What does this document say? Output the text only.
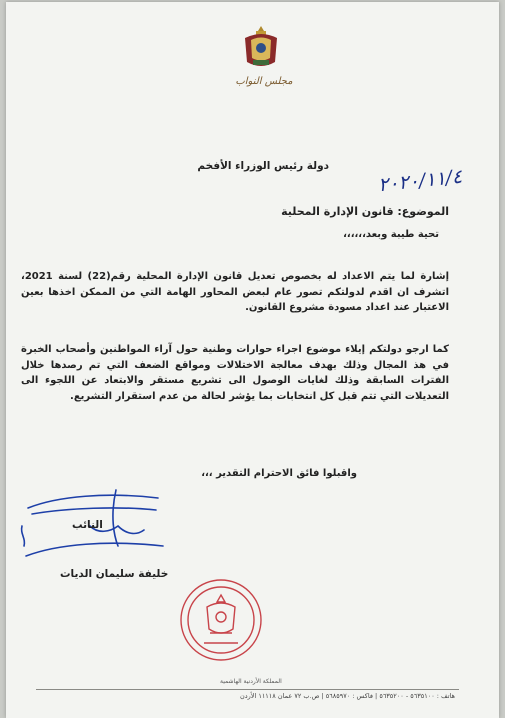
مجلس النواب
دولة رئيس الوزراء الأفخم	٢٠٢٠/١١/٤
الموضوع: قانون الإدارة المحلية
تحية طيبة وبعد،،،،،،
إشارة لما يتم الاعداد له بخصوص تعديل قانون الإدارة المحلية رقم(22) لسنة 2021، اتشرف ان اقدم لدولتكم تصور عام لبعض المحاور الهامة التي من الممكن اخذها بعين الاعتبار عند اعداد مسودة مشروع القانون.
كما ارجو دولتكم إيلاء موضوع اجراء حوارات وطنية حول آراء المواطنين وأصحاب الخبرة في هذ المجال وذلك بهدف معالجة الاختلالات ومواقع الضعف التي تم رصدها خلال الفترات السابقة وذلك لغايات الوصول الى تشريع مستقر والابتعاد عن اللجوء الى التعديلات التي تتم قبل كل انتخابات بما يؤشر لحالة من عدم استقرار التشريع.
واقبلوا فائق الاحترام التقدير ،،،
النائب
خليفة سليمان الديات
المملكة الأردنية الهاشمية
هاتف : ٥٦٣٥١٠٠ - ٥٦٣٥٢٠٠ | فاكس : ٥٦٨٥٩٧٠ | ص.ب ٧٢ عمان ١١١١٨ الأردن
